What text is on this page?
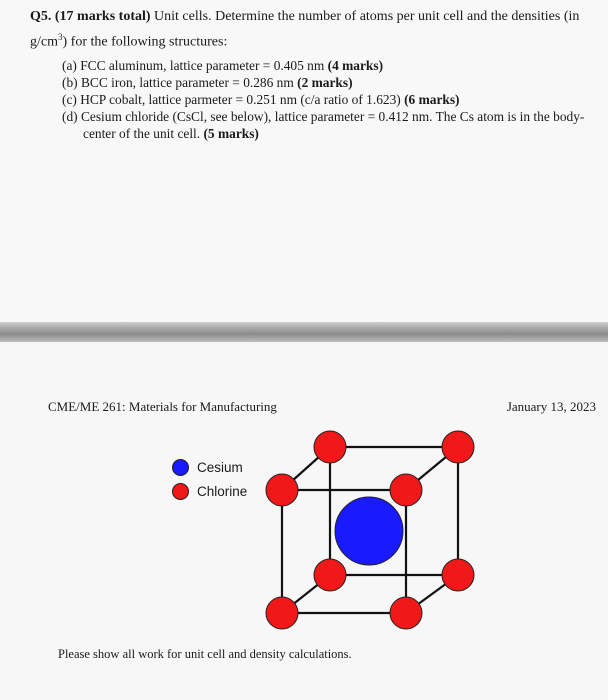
Q5. (17 marks total) Unit cells. Determine the number of atoms per unit cell and the densities (in
$g/cm^3$) for the following structures:
(a) FCC aluminum, lattice parameter = 0.405 nm (4 marks)
(b) BCC iron, lattice parameter = 0.286 nm (2 marks)
(c) HCP cobalt, lattice parmeter = 0.251 nm (c/a ratio of 1.623) (6 marks)
(d) Cesium chloride (CsCl, see below), lattice parameter = 0.412 nm. The Cs atom is in the body-
center of the unit cell. (5 marks)
CME/ME 261: Materials for Manufacturing	January 13, 2023
Cesium
Chlorine
Please show all work for unit cell and density calculations.
